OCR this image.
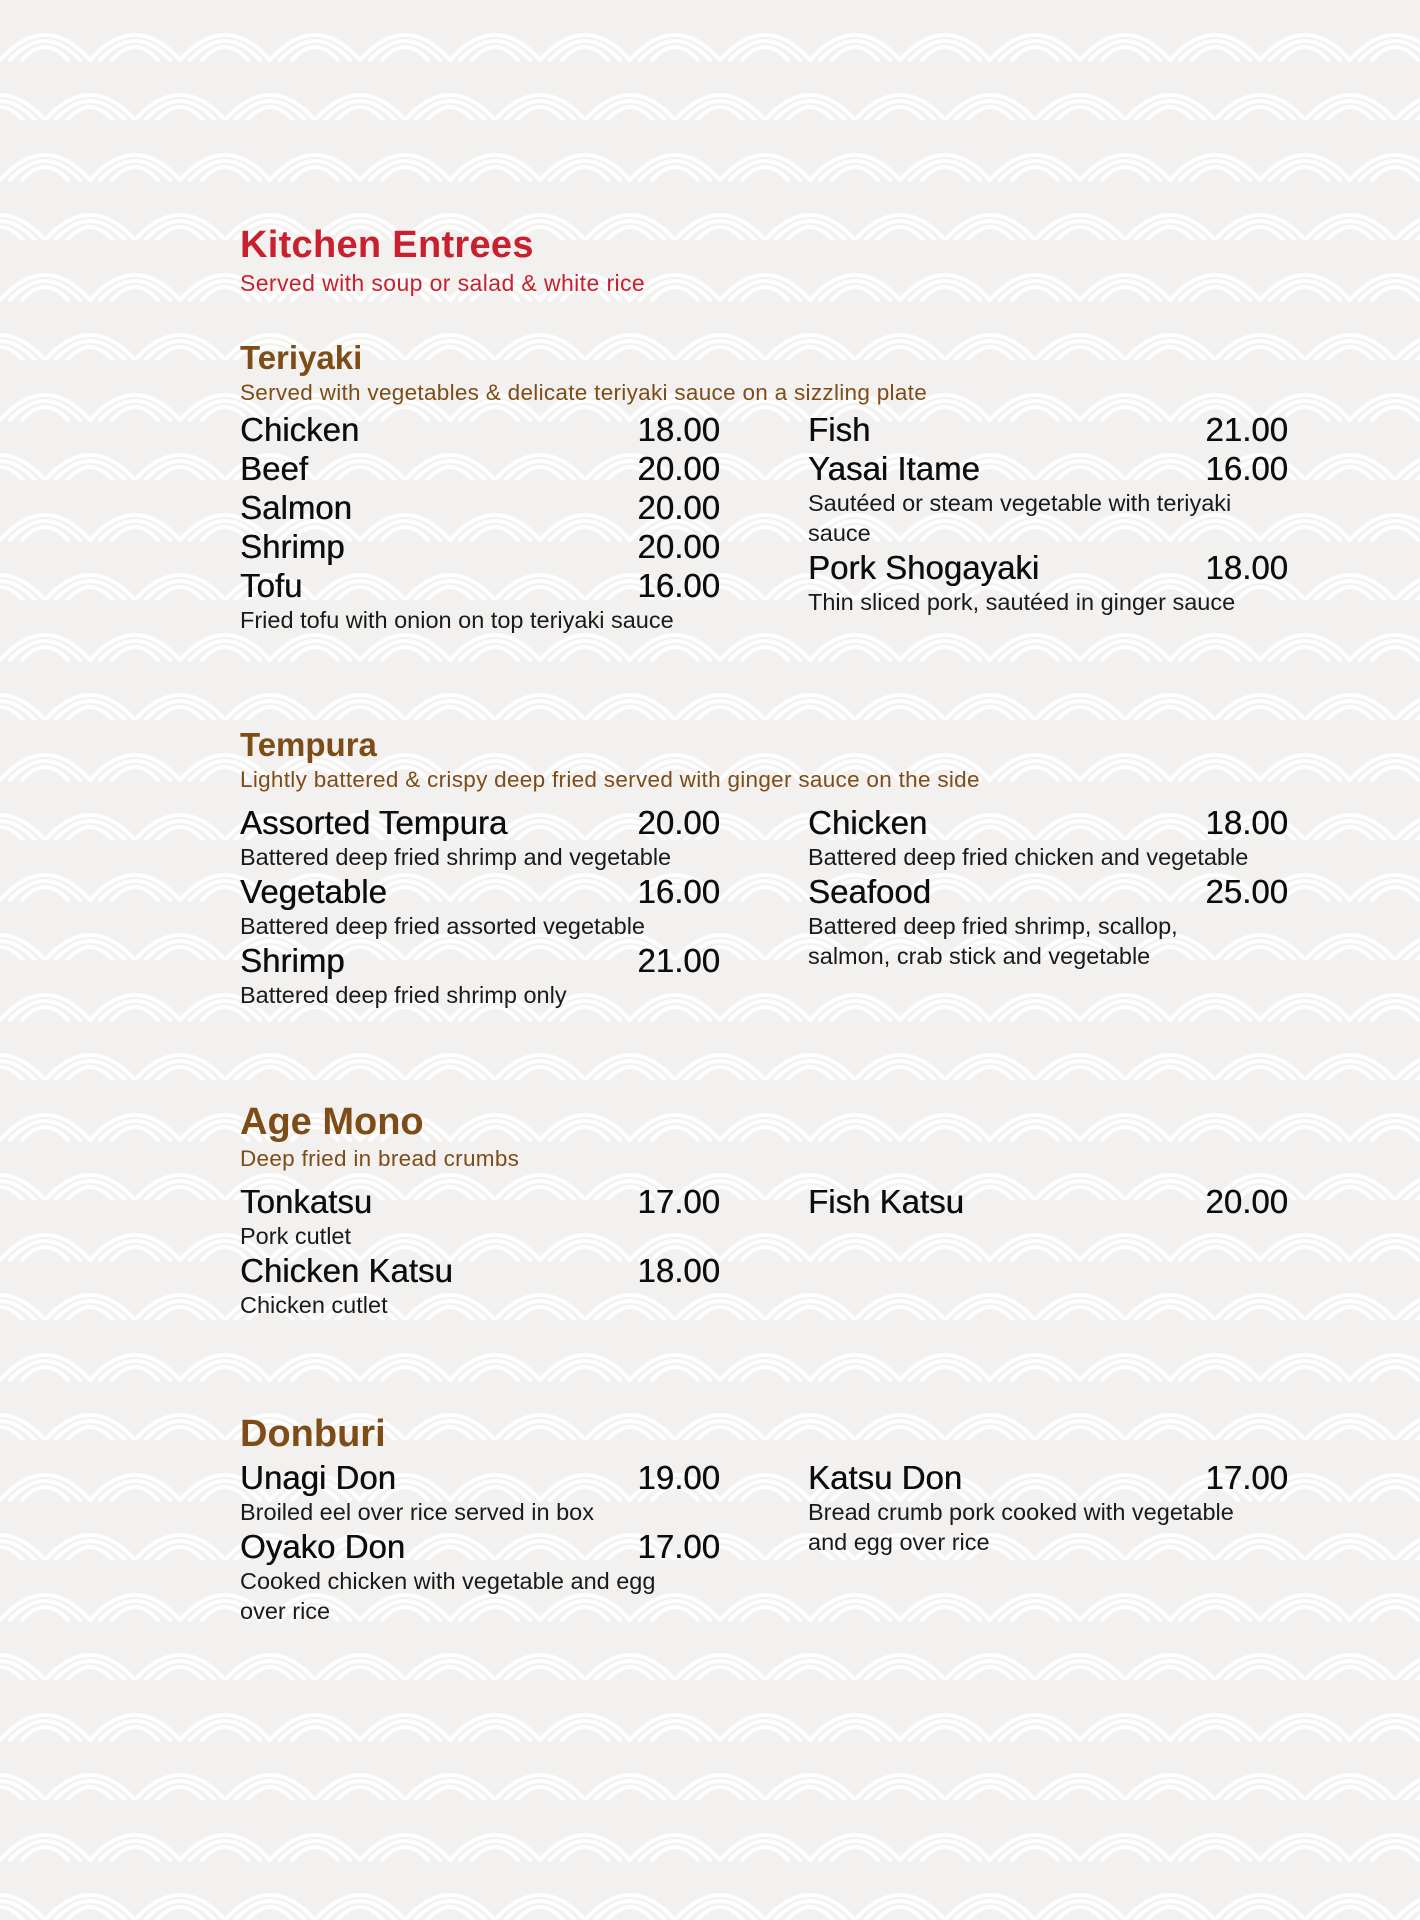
Kitchen Entrees
Served with soup or salad & white rice
Teriyaki
Served with vegetables & delicate teriyaki sauce on a sizzling plate
Chicken	18.00
Beef	20.00
Salmon	20.00
Shrimp	20.00
Tofu	16.00
Fried tofu with onion on top teriyaki sauce
Fish	21.00
Yasai Itame	16.00
Sautéed or steam vegetable with teriyaki sauce
Pork Shogayaki	18.00
Thin sliced pork, sautéed in ginger sauce
Tempura
Lightly battered & crispy deep fried served with ginger sauce on the side
Assorted Tempura	20.00
Battered deep fried shrimp and vegetable
Vegetable	16.00
Battered deep fried assorted vegetable
Shrimp	21.00
Battered deep fried shrimp only
Chicken	18.00
Battered deep fried chicken and vegetable
Seafood	25.00
Battered deep fried shrimp, scallop, salmon, crab stick and vegetable
Age Mono
Deep fried in bread crumbs
Tonkatsu	17.00
Pork cutlet
Chicken Katsu	18.00
Chicken cutlet
Fish Katsu	20.00
Donburi
Unagi Don	19.00
Broiled eel over rice served in box
Oyako Don	17.00
Cooked chicken with vegetable and egg over rice
Katsu Don	17.00
Bread crumb pork cooked with vegetable and egg over rice
